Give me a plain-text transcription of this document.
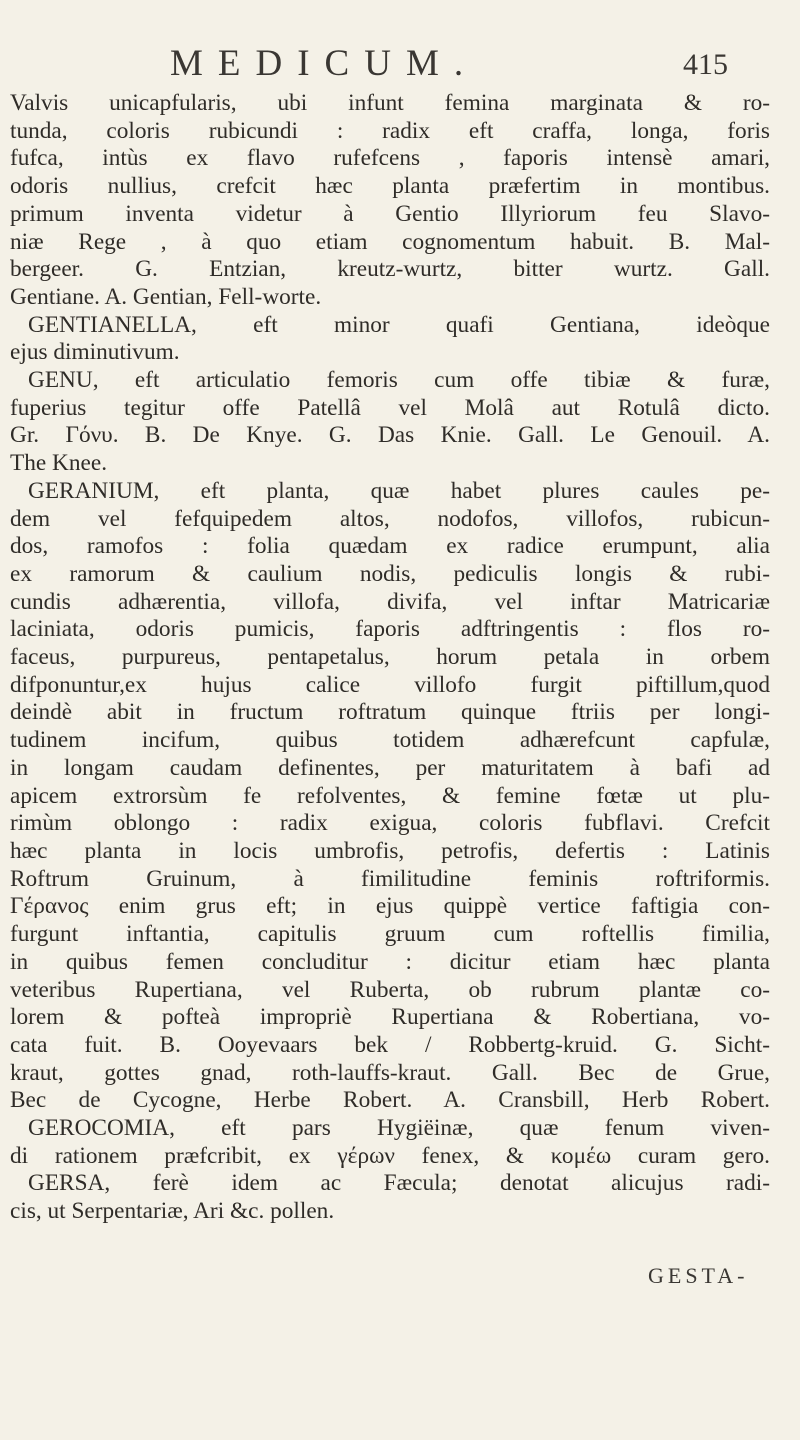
MEDICUM.	415
Valvis unicapfularis, ubi infunt femina marginata & ro-
tunda, coloris rubicundi : radix eft craffa, longa, foris
fufca, intùs ex flavo rufefcens , faporis intensè amari,
odoris nullius, crefcit hæc planta præfertim in montibus.
primum inventa videtur à Gentio Illyriorum feu Slavo-
niæ Rege , à quo etiam cognomentum habuit. B. Mal-
bergeer. G. Entzian, kreutz-wurtz, bitter wurtz. Gall.
Gentiane. A. Gentian, Fell-worte.
GENTIANELLA, eft minor quafi Gentiana, ideòque
ejus diminutivum.
GENU, eft articulatio femoris cum offe tibiæ & furæ,
fuperius tegitur offe Patellâ vel Molâ aut Rotulâ dicto.
Gr. Γόνυ. B. De Knye. G. Das Knie. Gall. Le Genouil. A.
The Knee.
GERANIUM, eft planta, quæ habet plures caules pe-
dem vel fefquipedem altos, nodofos, villofos, rubicun-
dos, ramofos : folia quædam ex radice erumpunt, alia
ex ramorum & caulium nodis, pediculis longis & rubi-
cundis adhærentia, villofa, divifa, vel inftar Matricariæ
laciniata, odoris pumicis, faporis adftringentis : flos ro-
faceus, purpureus, pentapetalus, horum petala in orbem
difponuntur,ex hujus calice villofo furgit piftillum,quod
deindè abit in fructum roftratum quinque ftriis per longi-
tudinem incifum, quibus totidem adhærefcunt capfulæ,
in longam caudam definentes, per maturitatem à bafi ad
apicem extrorsùm fe refolventes, & femine fœtæ ut plu-
rimùm oblongo : radix exigua, coloris fubflavi. Crefcit
hæc planta in locis umbrofis, petrofis, defertis : Latinis
Roftrum Gruinum, à fimilitudine feminis roftriformis.
Γέρανος enim grus eft; in ejus quippè vertice faftigia con-
furgunt inftantia, capitulis gruum cum roftellis fimilia,
in quibus femen concluditur : dicitur etiam hæc planta
veteribus Rupertiana, vel Ruberta, ob rubrum plantæ co-
lorem & pofteà impropriè Rupertiana & Robertiana, vo-
cata fuit. B. Ooyevaars bek / Robbertg-kruid. G. Sicht-
kraut, gottes gnad, roth-lauffs-kraut. Gall. Bec de Grue,
Bec de Cycogne, Herbe Robert. A. Cransbill, Herb Robert.
GEROCOMIA, eft pars Hygiëinæ, quæ fenum viven-
di rationem præfcribit, ex γέρων fenex, & κομέω curam gero.
GERSA, ferè idem ac Fæcula; denotat alicujus radi-
cis, ut Serpentariæ, Ari &c. pollen.
GESTA-
